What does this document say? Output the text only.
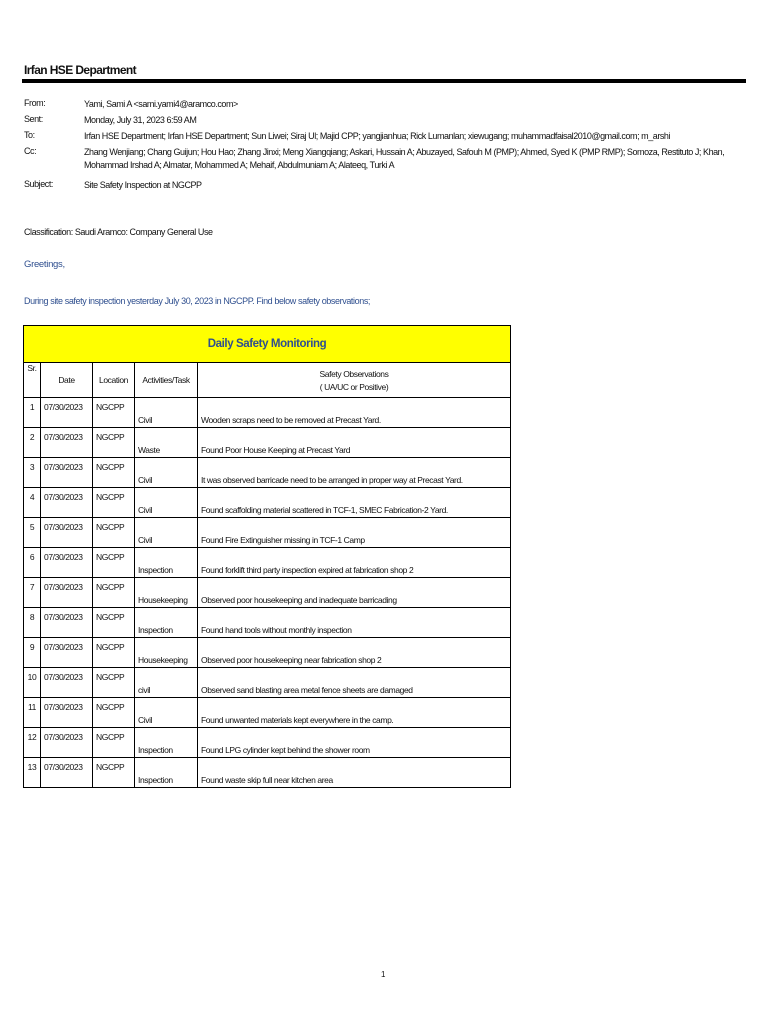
Irfan HSE Department
From:	Yami, Sami A <sami.yami4@aramco.com>
Sent:	Monday, July 31, 2023 6:59 AM
To:	Irfan HSE Department; Irfan HSE Department; Sun Liwei; Siraj Ul; Majid CPP; yangjianhua; Rick Lumanlan; xiewugang; muhammadfaisal2010@gmail.com; m_arshi
Cc:	Zhang Wenjiang; Chang Guijun; Hou Hao; Zhang Jinxi; Meng Xiangqiang; Askari, Hussain A; Abuzayed, Safouh M (PMP); Ahmed, Syed K (PMP RMP); Somoza, Restituto J; Khan, Mohammad Irshad A; Almatar, Mohammed A; Mehaif, Abdulmuniam A; Alateeq, Turki A
Subject:	Site Safety Inspection at NGCPP
Classification: Saudi Aramco: Company General Use
Greetings,
During site safety inspection yesterday July 30, 2023 in NGCPP. Find below safety observations;
Daily Safety Monitoring				
Sr.	Date	Location	Activities/Task	Safety Observations
( UA/UC or Positive)

1	07/30/2023	NGCPP	Civil	Wooden scraps need to be removed at Precast Yard.
2	07/30/2023	NGCPP	Waste	Found Poor House Keeping at Precast Yard
3	07/30/2023	NGCPP	Civil	It was observed barricade need to be arranged in proper way at Precast Yard.
4	07/30/2023	NGCPP	Civil	Found scaffolding material scattered in TCF-1, SMEC Fabrication-2 Yard.
5	07/30/2023	NGCPP	Civil	Found Fire Extinguisher missing in TCF-1 Camp
6	07/30/2023	NGCPP	Inspection	Found forklift third party inspection expired at fabrication shop 2
7	07/30/2023	NGCPP	Housekeeping	Observed poor housekeeping and inadequate barricading
8	07/30/2023	NGCPP	Inspection	Found hand tools without monthly inspection
9	07/30/2023	NGCPP	Housekeeping	Observed poor housekeeping near fabrication shop 2
10	07/30/2023	NGCPP	civil	Observed sand blasting area metal fence sheets are damaged
11	07/30/2023	NGCPP	Civil	Found unwanted materials kept everywhere in the camp.
12	07/30/2023	NGCPP	Inspection	Found LPG cylinder kept behind the shower room
13	07/30/2023	NGCPP	Inspection	Found waste skip full near kitchen area
1
